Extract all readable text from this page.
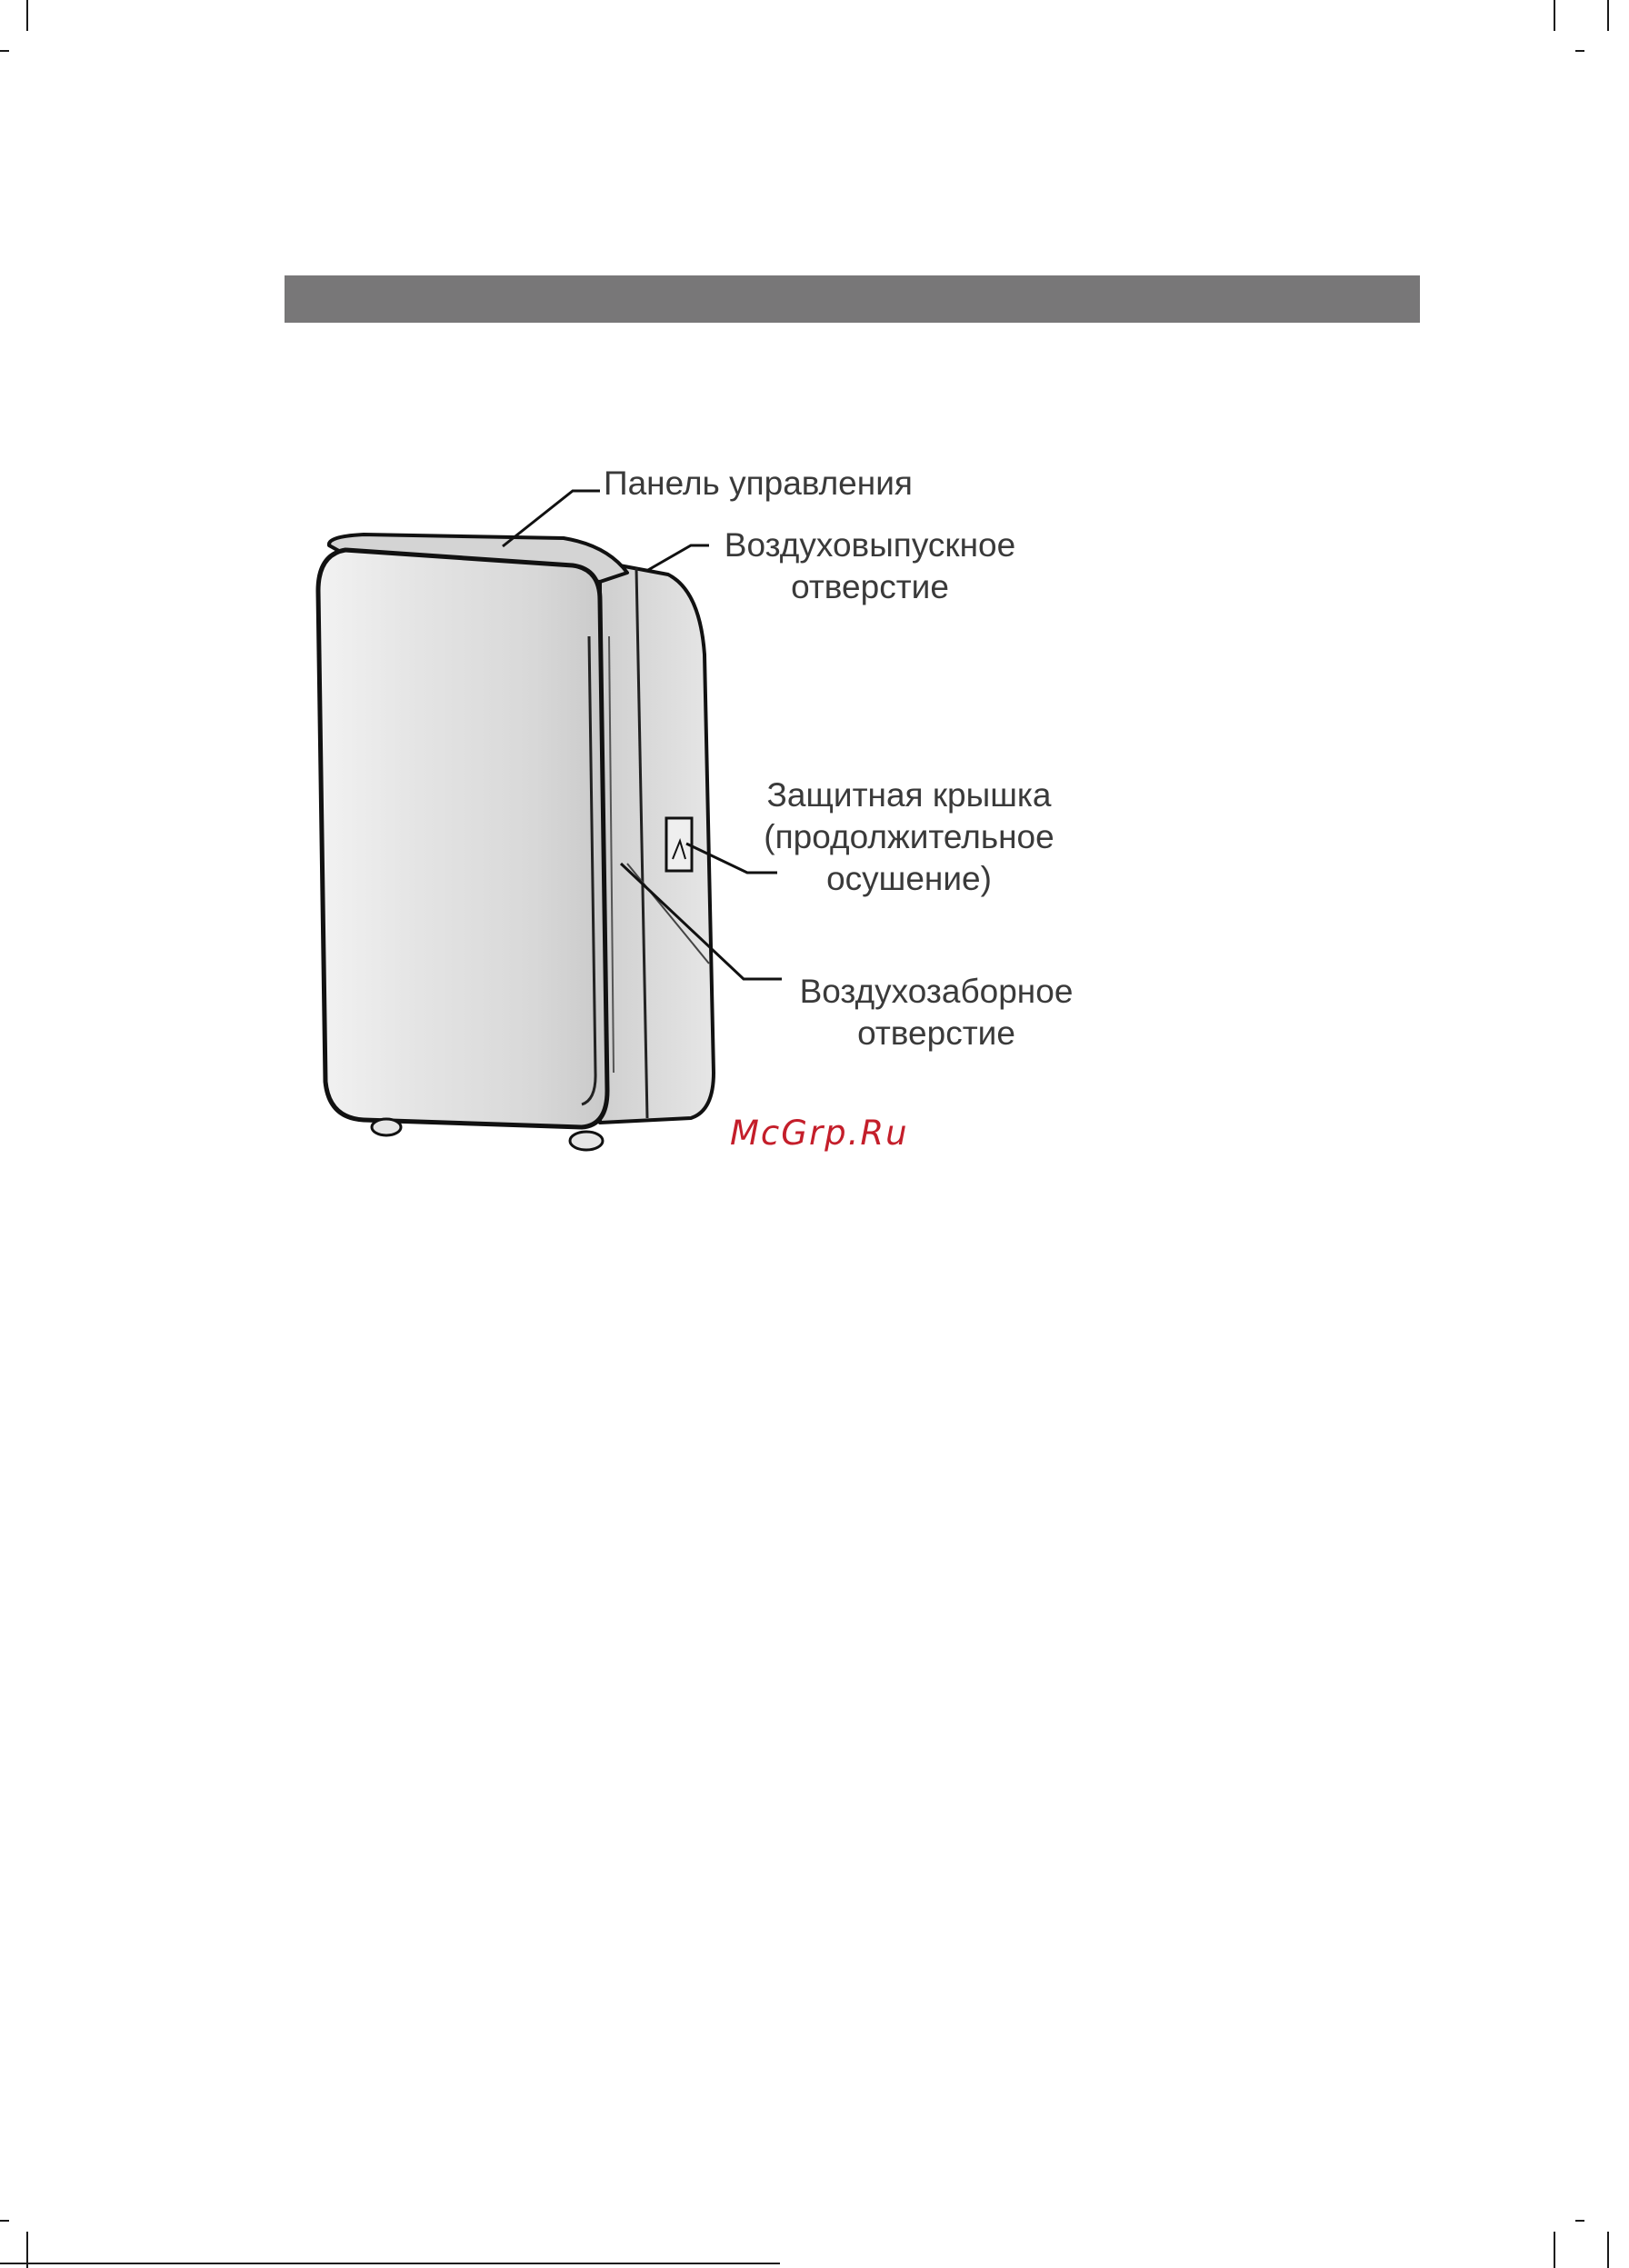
Панель управления
Воздуховыпускное
отверстие
Защитная крышка
(продолжительное
осушение)
Воздухозаборное
отверстие
McGrp.Ru
